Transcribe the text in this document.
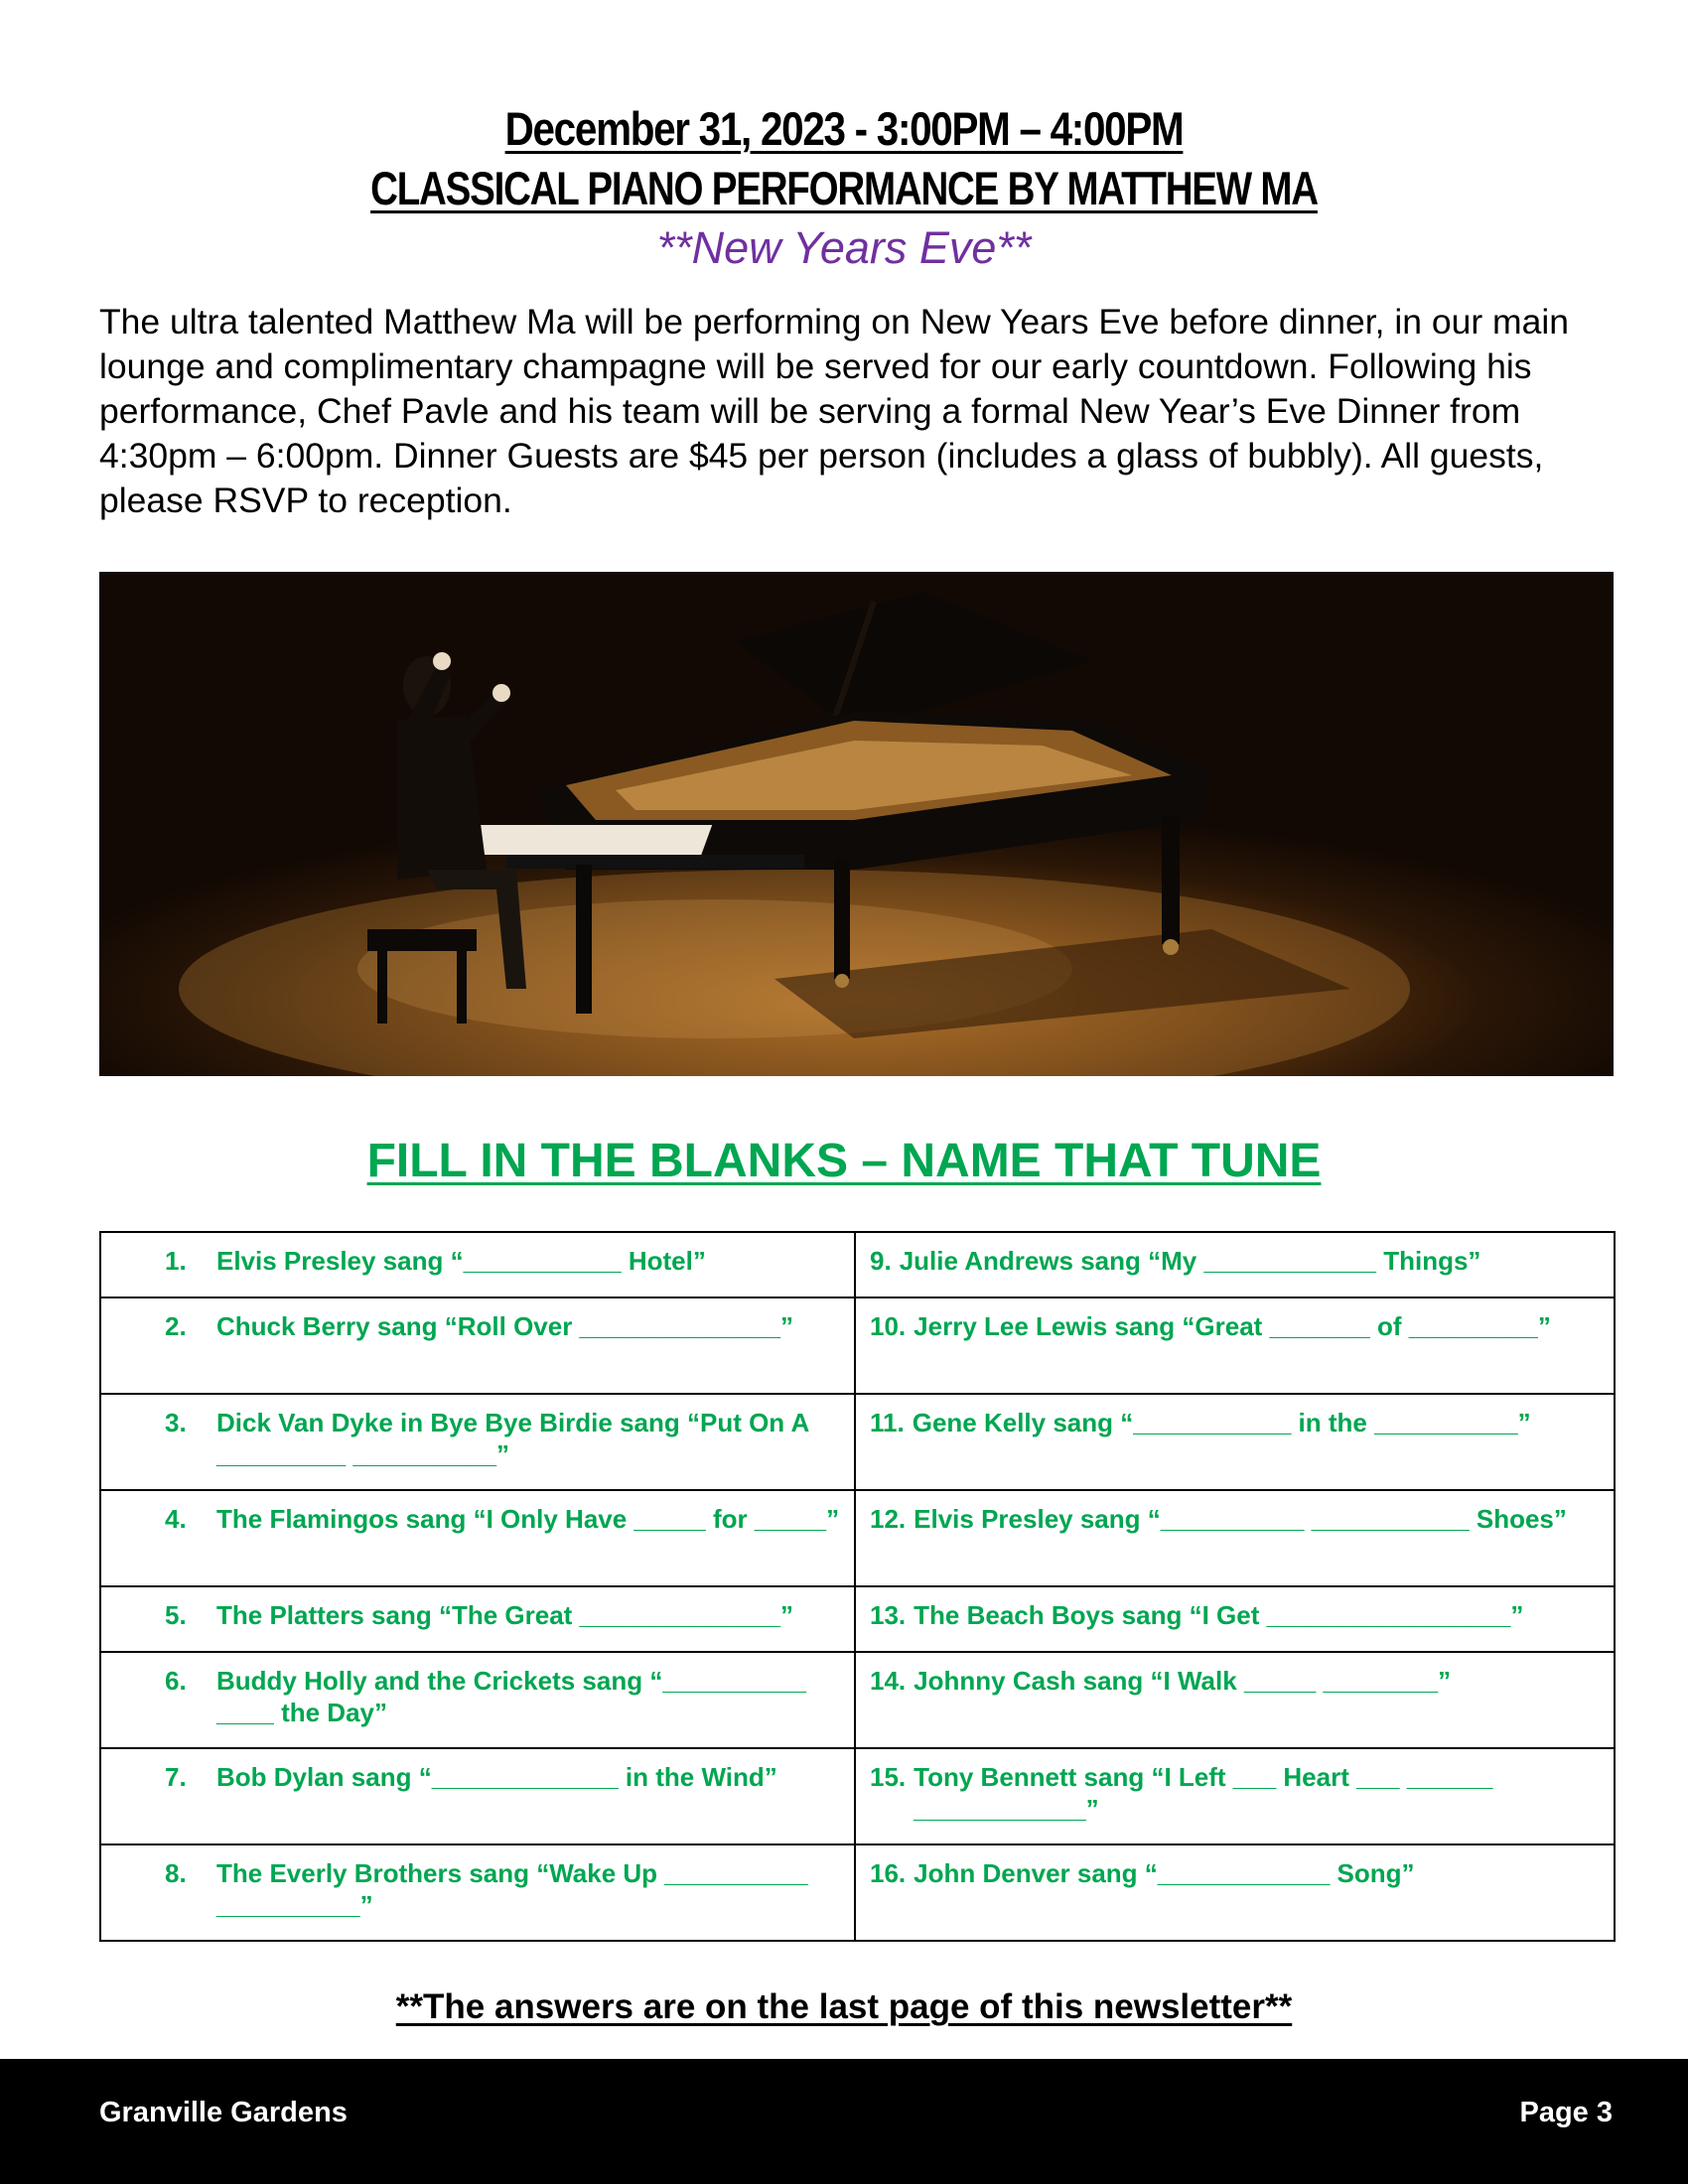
December 31, 2023 - 3:00PM – 4:00PM
CLASSICAL PIANO PERFORMANCE BY MATTHEW MA
**New Years Eve**
The ultra talented Matthew Ma will be performing on New Years Eve before dinner, in our main lounge and complimentary champagne will be served for our early countdown. Following his performance, Chef Pavle and his team will be serving a formal New Year’s Eve Dinner from 4:30pm – 6:00pm. Dinner Guests are $45 per person (includes a glass of bubbly). All guests, please RSVP to reception.
FILL IN THE BLANKS – NAME THAT TUNE
1. Elvis Presley sang “___________ Hotel”	9. Julie Andrews sang “My ____________ Things”

2. Chuck Berry sang “Roll Over ______________”	10. Jerry Lee Lewis sang “Great _______ of _________”

3. Dick Van Dyke in Bye Bye Birdie sang “Put On A _________ __________”	11. Gene Kelly sang “___________ in the __________”

4. The Flamingos sang “I Only Have _____ for _____”	12. Elvis Presley sang “__________ ___________ Shoes”

5. The Platters sang “The Great ______________”	13. The Beach Boys sang “I Get _________________”

6. Buddy Holly and the Crickets sang “__________ ____ the Day”	14. Johnny Cash sang “I Walk _____ ________”

7. Bob Dylan sang “_____________ in the Wind”	15. Tony Bennett sang “I Left ___ Heart ___ ______ ____________”

8. The Everly Brothers sang “Wake Up __________ __________”	16. John Denver sang “____________ Song”
**The answers are on the last page of this newsletter**
Granville Gardens	Page 3
